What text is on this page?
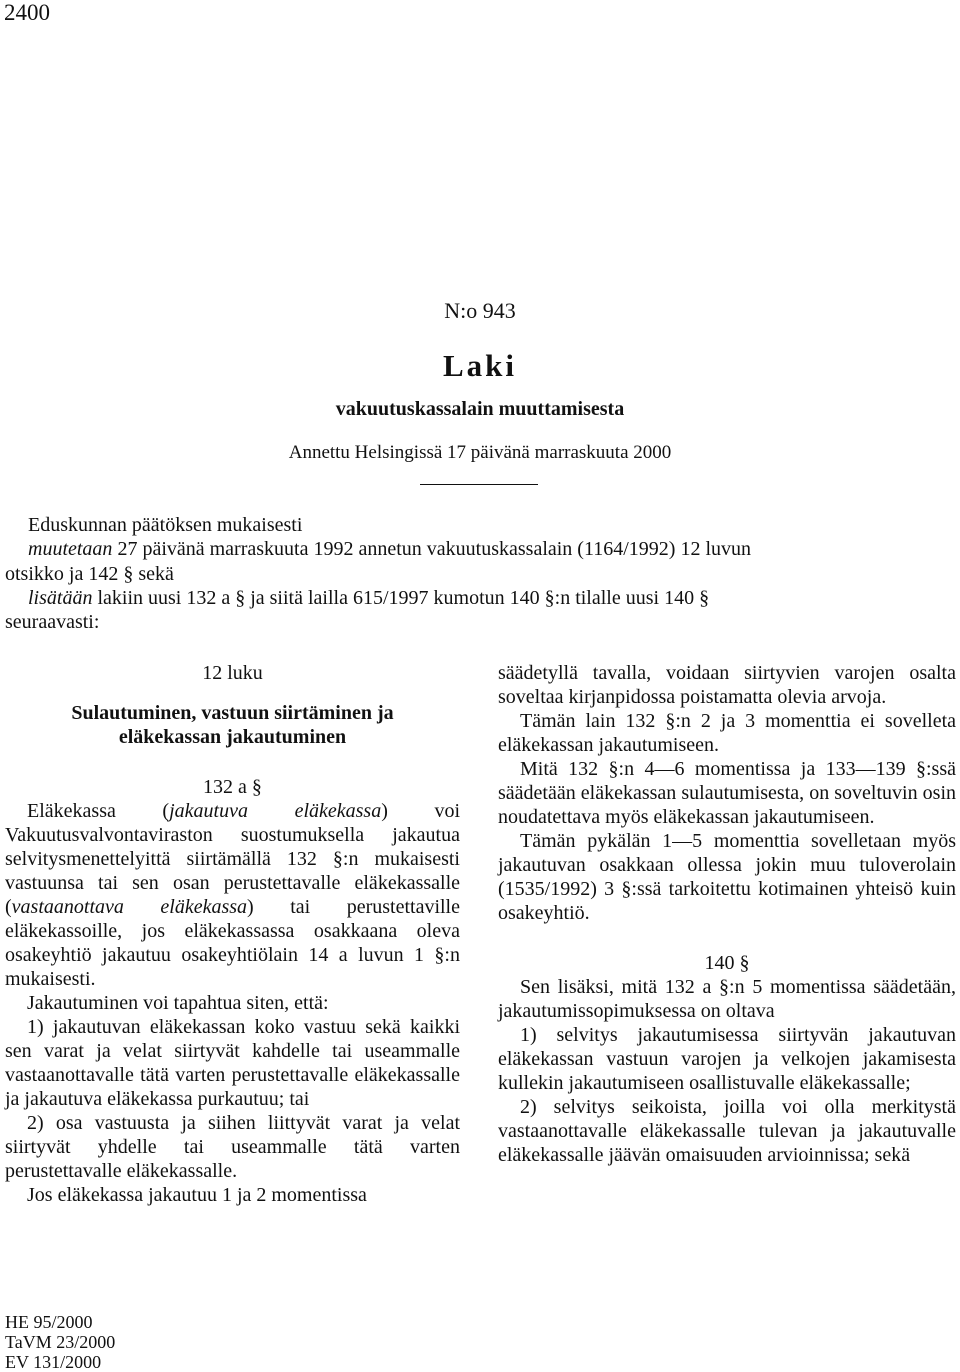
2400
N:o 943
Laki
vakuutuskassalain muuttamisesta
Annettu Helsingissä 17 päivänä marraskuuta 2000
Eduskunnan päätöksen mukaisesti
muutetaan 27 päivänä marraskuuta 1992 annetun vakuutuskassalain (1164/1992) 12 luvun
otsikko ja 142 § sekä
lisätään lakiin uusi 132 a § ja siitä lailla 615/1997 kumotun 140 §:n tilalle uusi 140 §
seuraavasti:

12 luku

Sulautuminen, vastuun siirtäminen ja

eläkekassan jakautuminen

132 a §

Eläkekassa (jakautuva eläkekassa) voi Vakuutusvalvontaviraston suostumuksella jakautua selvitysmenettelyittä siirtämällä 132 §:n mukaisesti vastuunsa tai sen osan perustettavalle eläkekassalle (vastaanottava eläkekassa) tai perustettaville eläkekassoille, jos eläkekassassa osakkaana oleva osakeyhtiö jakautuu osakeyhtiölain 14 a luvun 1 §:n mukaisesti.

Jakautuminen voi tapahtua siten, että:

1) jakautuvan eläkekassan koko vastuu sekä kaikki sen varat ja velat siirtyvät kahdelle tai useammalle vastaanottavalle tätä varten perustettavalle eläkekassalle ja jakautuva eläkekassa purkautuu; tai

2) osa vastuusta ja siihen liittyvät varat ja velat siirtyvät yhdelle tai useammalle tätä varten perustettavalle eläkekassalle.

Jos eläkekassa jakautuu 1 ja 2 momentissa

säädetyllä tavalla, voidaan siirtyvien varojen osalta soveltaa kirjanpidossa poistamatta olevia arvoja.

Tämän lain 132 §:n 2 ja 3 momenttia ei sovelleta eläkekassan jakautumiseen.

Mitä 132 §:n 4—6 momentissa ja 133—139 §:ssä säädetään eläkekassan sulautumisesta, on soveltuvin osin noudatettava myös eläkekassan jakautumiseen.

Tämän pykälän 1—5 momenttia sovelletaan myös jakautuvan osakkaan ollessa jokin muu tuloverolain (1535/1992) 3 §:ssä tarkoitettu kotimainen yhteisö kuin osakeyhtiö.

140 §

Sen lisäksi, mitä 132 a §:n 5 momentissa säädetään, jakautumissopimuksessa on oltava

1) selvitys jakautumisessa siirtyvän jakautuvan eläkekassan vastuun varojen ja velkojen jakamisesta kullekin jakautumiseen osallistuvalle eläkekassalle;

2) selvitys seikoista, joilla voi olla merkitystä vastaanottavalle eläkekassalle tulevan ja jakautuvalle eläkekassalle jäävän omaisuuden arvioinnissa; sekä

HE 95/2000
TaVM 23/2000
EV 131/2000
